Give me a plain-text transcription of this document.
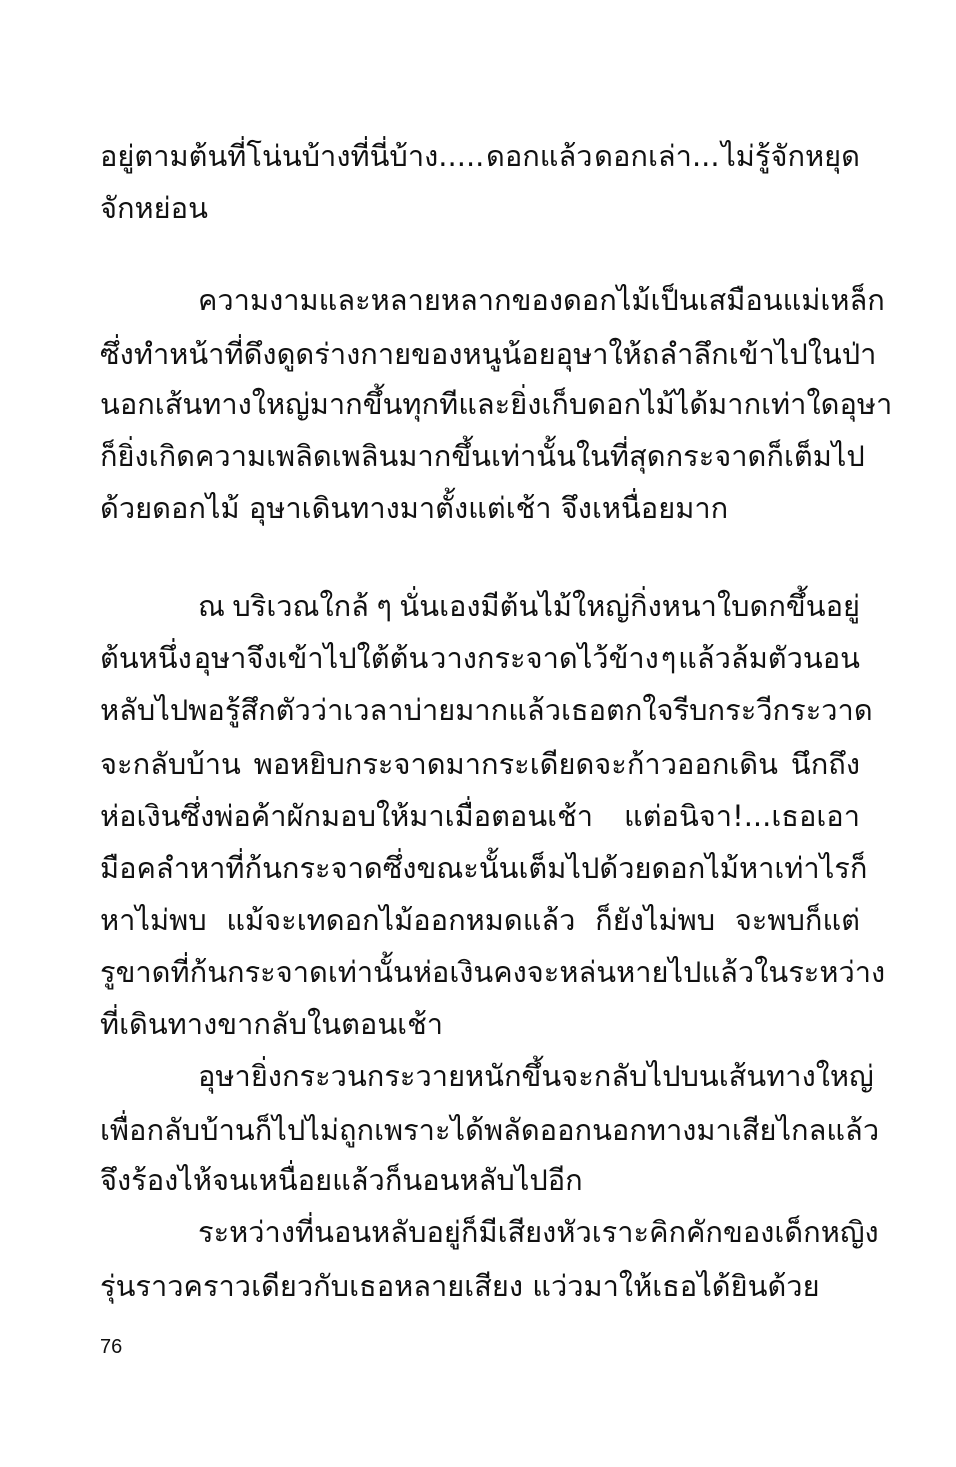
อยู่ตามต้นที่โน่นบ้างที่นี่บ้าง..... ดอกแล้ว ดอกเล่า... ไม่รู้จักหยุด
จักหย่อน
ความงามและหลายหลากของดอกไม้เป็นเสมือนแม่เหล็ก
ซึ่งทำหน้าที่ดึงดูดร่างกายของหนูน้อยอุษาให้ถลำลึกเข้าไปในป่า
นอกเส้นทางใหญ่มากขึ้นทุกที และยิ่งเก็บดอกไม้ได้มากเท่าใด อุษา
ก็ยิ่งเกิดความเพลิดเพลินมากขึ้นเท่านั้น ในที่สุดกระจาดก็เต็มไป
ด้วยดอกไม้ อุษาเดินทางมาตั้งแต่เช้า จึงเหนื่อยมาก
ณ บริเวณใกล้ ๆ นั่นเองมีต้นไม้ใหญ่กิ่งหนาใบดกขึ้นอยู่
ต้นหนึ่ง อุษาจึงเข้าไปใต้ต้น วางกระจาดไว้ข้าง ๆ แล้วล้มตัวนอน
หลับไป พอรู้สึกตัวว่าเวลาบ่ายมากแล้ว เธอตกใจรีบกระวีกระวาด
จะกลับบ้าน พอหยิบกระจาดมากระเดียดจะก้าวออกเดิน นึกถึง
ห่อเงินซึ่งพ่อค้าผักมอบให้มาเมื่อตอนเช้า แต่อนิจา!...เธอเอา
มือคลำหาที่ก้นกระจาดซึ่งขณะนั้นเต็มไปด้วยดอกไม้ หาเท่าไรก็
หาไม่พบ แม้จะเทดอกไม้ออกหมดแล้ว ก็ยังไม่พบ จะพบก็แต่
รูขาดที่ก้นกระจาดเท่านั้น ห่อเงินคงจะหล่นหายไปแล้วในระหว่าง
ที่เดินทางขากลับในตอนเช้า
อุษายิ่งกระวนกระวายหนักขึ้น จะกลับไปบนเส้นทางใหญ่
เพื่อกลับบ้านก็ไปไม่ถูก เพราะได้พลัดออกนอกทางมาเสียไกลแล้ว
จึงร้องไห้จนเหนื่อยแล้วก็นอนหลับไปอีก
ระหว่างที่นอนหลับอยู่ ก็มีเสียงหัวเราะคิกคักของเด็กหญิง
รุ่นราวคราวเดียวกับเธอหลายเสียง แว่วมาให้เธอได้ยินด้วย
76
